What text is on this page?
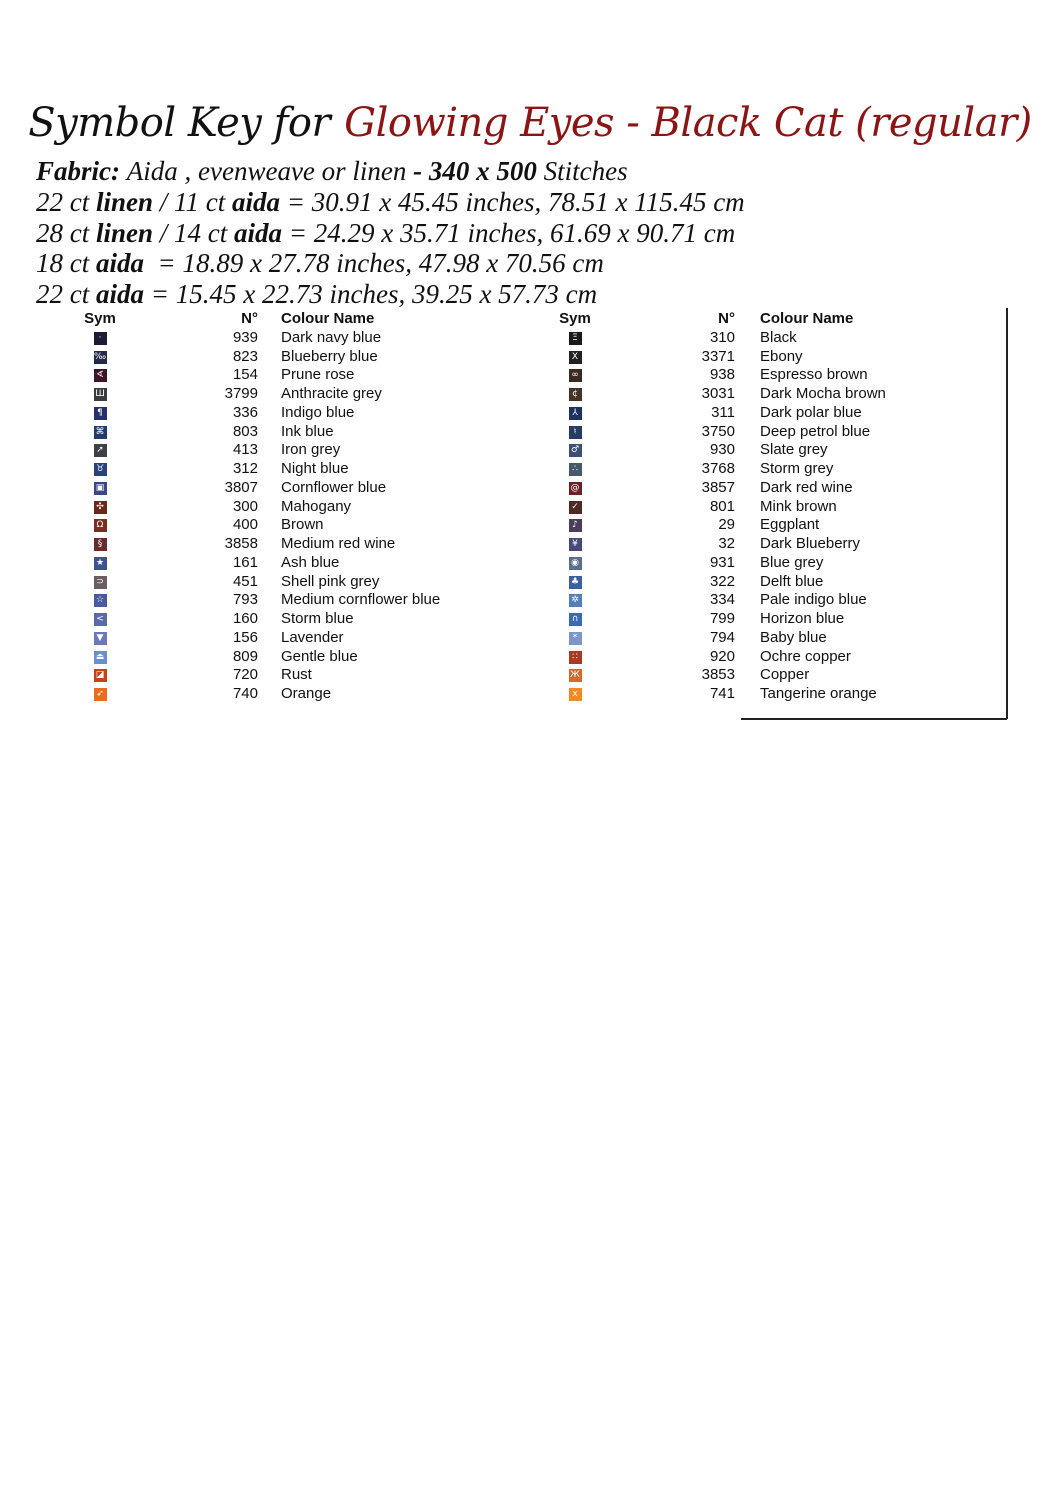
Symbol Key for Glowing Eyes - Black Cat (regular)
Fabric: Aida , evenweave or linen - 340 x 500 Stitches
22 ct linen / 11 ct aida = 30.91 x 45.45 inches, 78.51 x 115.45 cm
28 ct linen / 14 ct aida = 24.29 x 35.71 inches, 61.69 x 90.71 cm
18 ct aida  = 18.89 x 27.78 inches, 47.98 x 70.56 cm
22 ct aida = 15.45 x 22.73 inches, 39.25 x 57.73 cm
Sym	N° Colour Name
·	939 Dark navy blue
‰	823 Blueberry blue
∢	154 Prune rose
Ш	3799 Anthracite grey
¶	336 Indigo blue
⌘	803 Ink blue
➚	413 Iron grey
♉	312 Night blue
▣	3807 Cornflower blue
✣	300 Mahogany
Ω	400 Brown
§	3858 Medium red wine
★	161 Ash blue
⊃	451 Shell pink grey
☆	793 Medium cornflower blue
<	160 Storm blue
▼	156 Lavender
⏏	809 Gentle blue
◪	720 Rust
➶	740 Orange
Sym	N° Colour Name
Ξ	310 Black
X	3371 Ebony
∞	938 Espresso brown
¢	3031 Dark Mocha brown
⅄	311 Dark polar blue
♮	3750 Deep petrol blue
♂	930 Slate grey
∴	3768 Storm grey
@	3857 Dark red wine
✓	801 Mink brown
♪	29 Eggplant
¥	32 Dark Blueberry
◉	931 Blue grey
♣	322 Delft blue
✲	334 Pale indigo blue
∩	799 Horizon blue
*	794 Baby blue
∷	920 Ochre copper
Ж	3853 Copper
x	741 Tangerine orange
